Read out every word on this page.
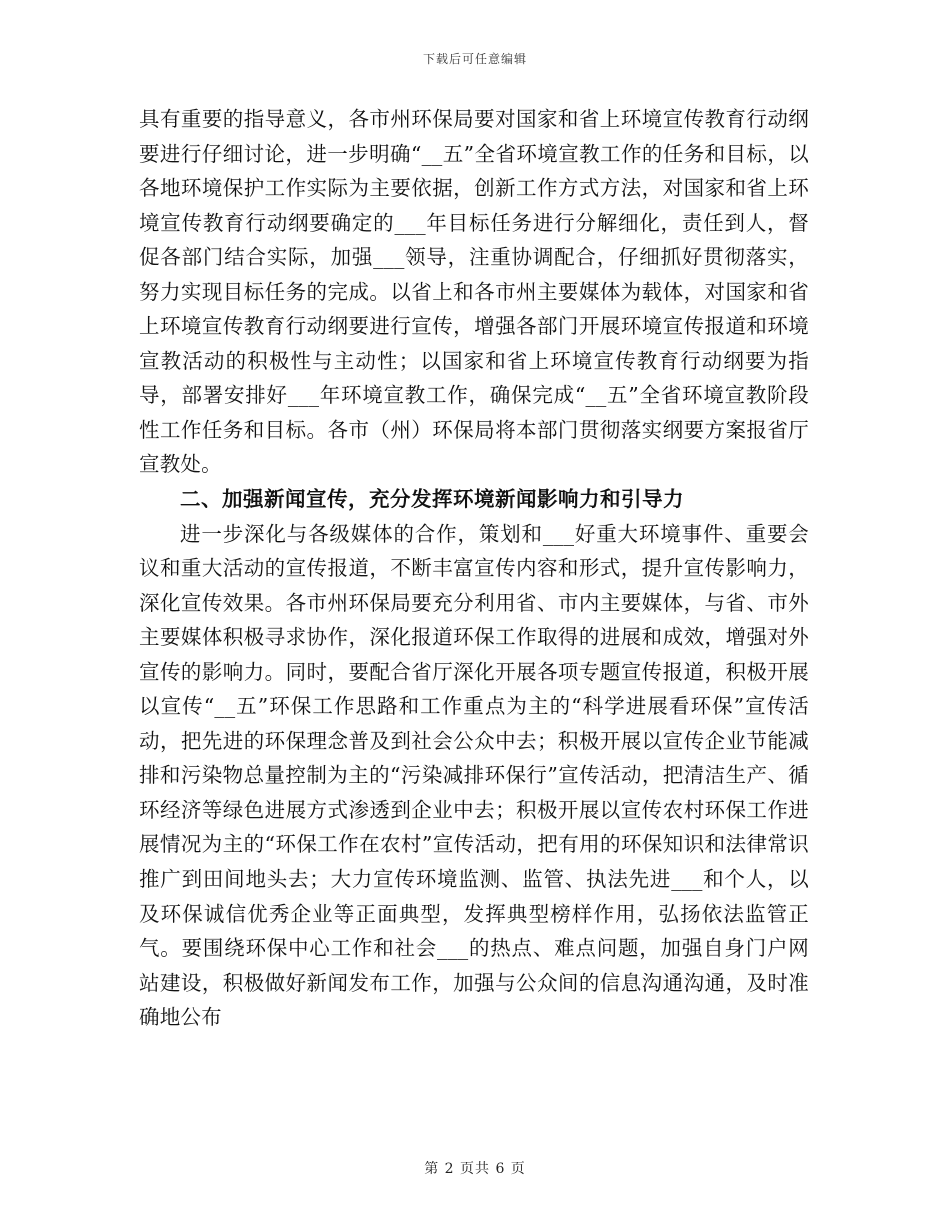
下载后可任意编辑

具有重要的指导意义，各市州环保局要对国家和省上环境宣传教育行动纲要进行仔细讨论，进一步明确“__五”全省环境宣教工作的任务和目标，以各地环境保护工作实际为主要依据，创新工作方式方法，对国家和省上环境宣传教育行动纲要确定的___年目标任务进行分解细化，责任到人，督促各部门结合实际，加强___领导，注重协调配合，仔细抓好贯彻落实，努力实现目标任务的完成。以省上和各市州主要媒体为载体，对国家和省上环境宣传教育行动纲要进行宣传，增强各部门开展环境宣传报道和环境宣教活动的积极性与主动性；以国家和省上环境宣传教育行动纲要为指导，部署安排好___年环境宣教工作，确保完成“__五”全省环境宣教阶段性工作任务和目标。各市（州）环保局将本部门贯彻落实纲要方案报省厅宣教处。

二、加强新闻宣传，充分发挥环境新闻影响力和引导力

进一步深化与各级媒体的合作，策划和___好重大环境事件、重要会议和重大活动的宣传报道，不断丰富宣传内容和形式，提升宣传影响力，深化宣传效果。各市州环保局要充分利用省、市内主要媒体，与省、市外主要媒体积极寻求协作，深化报道环保工作取得的进展和成效，增强对外宣传的影响力。同时，要配合省厅深化开展各项专题宣传报道，积极开展以宣传“__五”环保工作思路和工作重点为主的“科学进展看环保”宣传活动，把先进的环保理念普及到社会公众中去；积极开展以宣传企业节能减排和污染物总量控制为主的“污染减排环保行”宣传活动，把清洁生产、循环经济等绿色进展方式渗透到企业中去；积极开展以宣传农村环保工作进展情况为主的“环保工作在农村”宣传活动，把有用的环保知识和法律常识推广到田间地头去；大力宣传环境监测、监管、执法先进___和个人，以及环保诚信优秀企业等正面典型，发挥典型榜样作用，弘扬依法监管正气。要围绕环保中心工作和社会___的热点、难点问题，加强自身门户网站建设，积极做好新闻发布工作，加强与公众间的信息沟通沟通，及时准确地公布

第 2 页共 6 页
